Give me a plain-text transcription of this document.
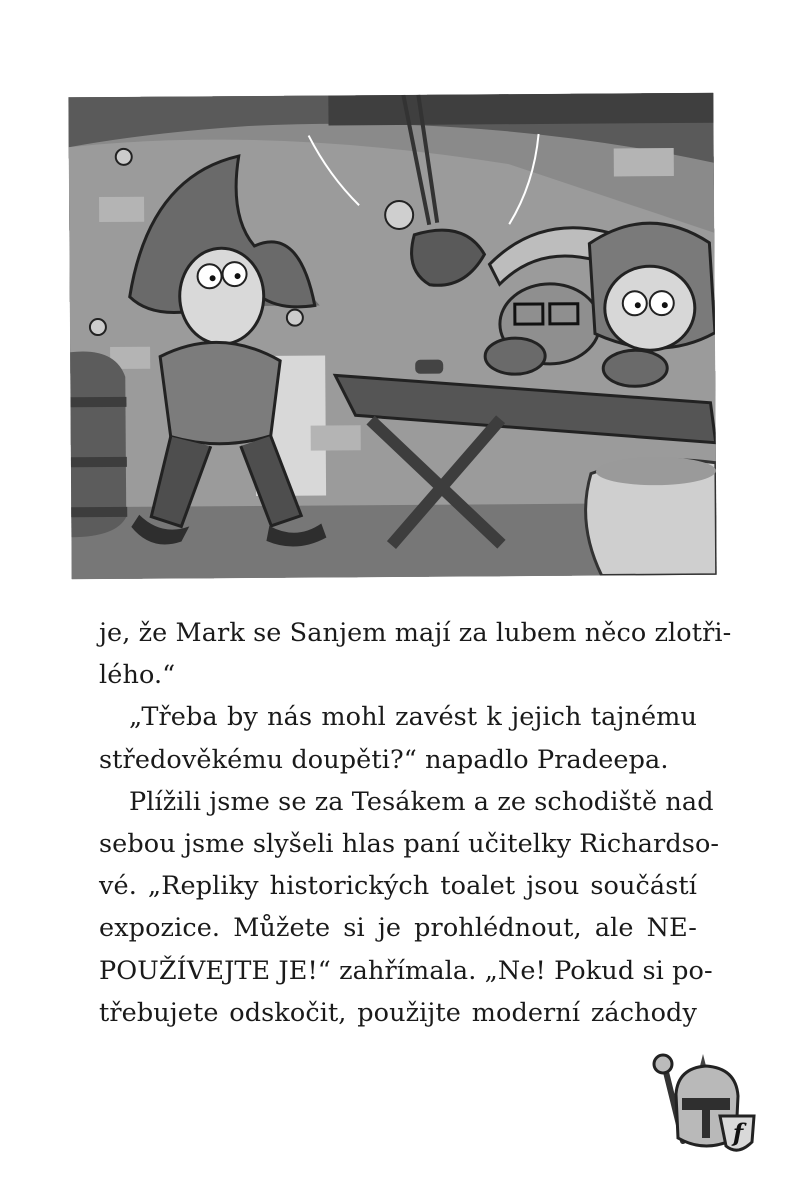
je, že Mark se Sanjem mají za lubem něco zlotři-
lého.“
„Třeba by nás mohl zavést k jejich tajnému
středověkému doupěti?“ napadlo Pradeepa.
Plížili jsme se za Tesákem a ze schodiště nad
sebou jsme slyšeli hlas paní učitelky Richardso-
vé. „Repliky historických toalet jsou součástí
expozice. Můžete si je prohlédnout, ale NE-
POUŽÍVEJTE JE!“ zahřímala. „Ne! Pokud si po-
třebujete odskočit, použijte moderní záchody
f
